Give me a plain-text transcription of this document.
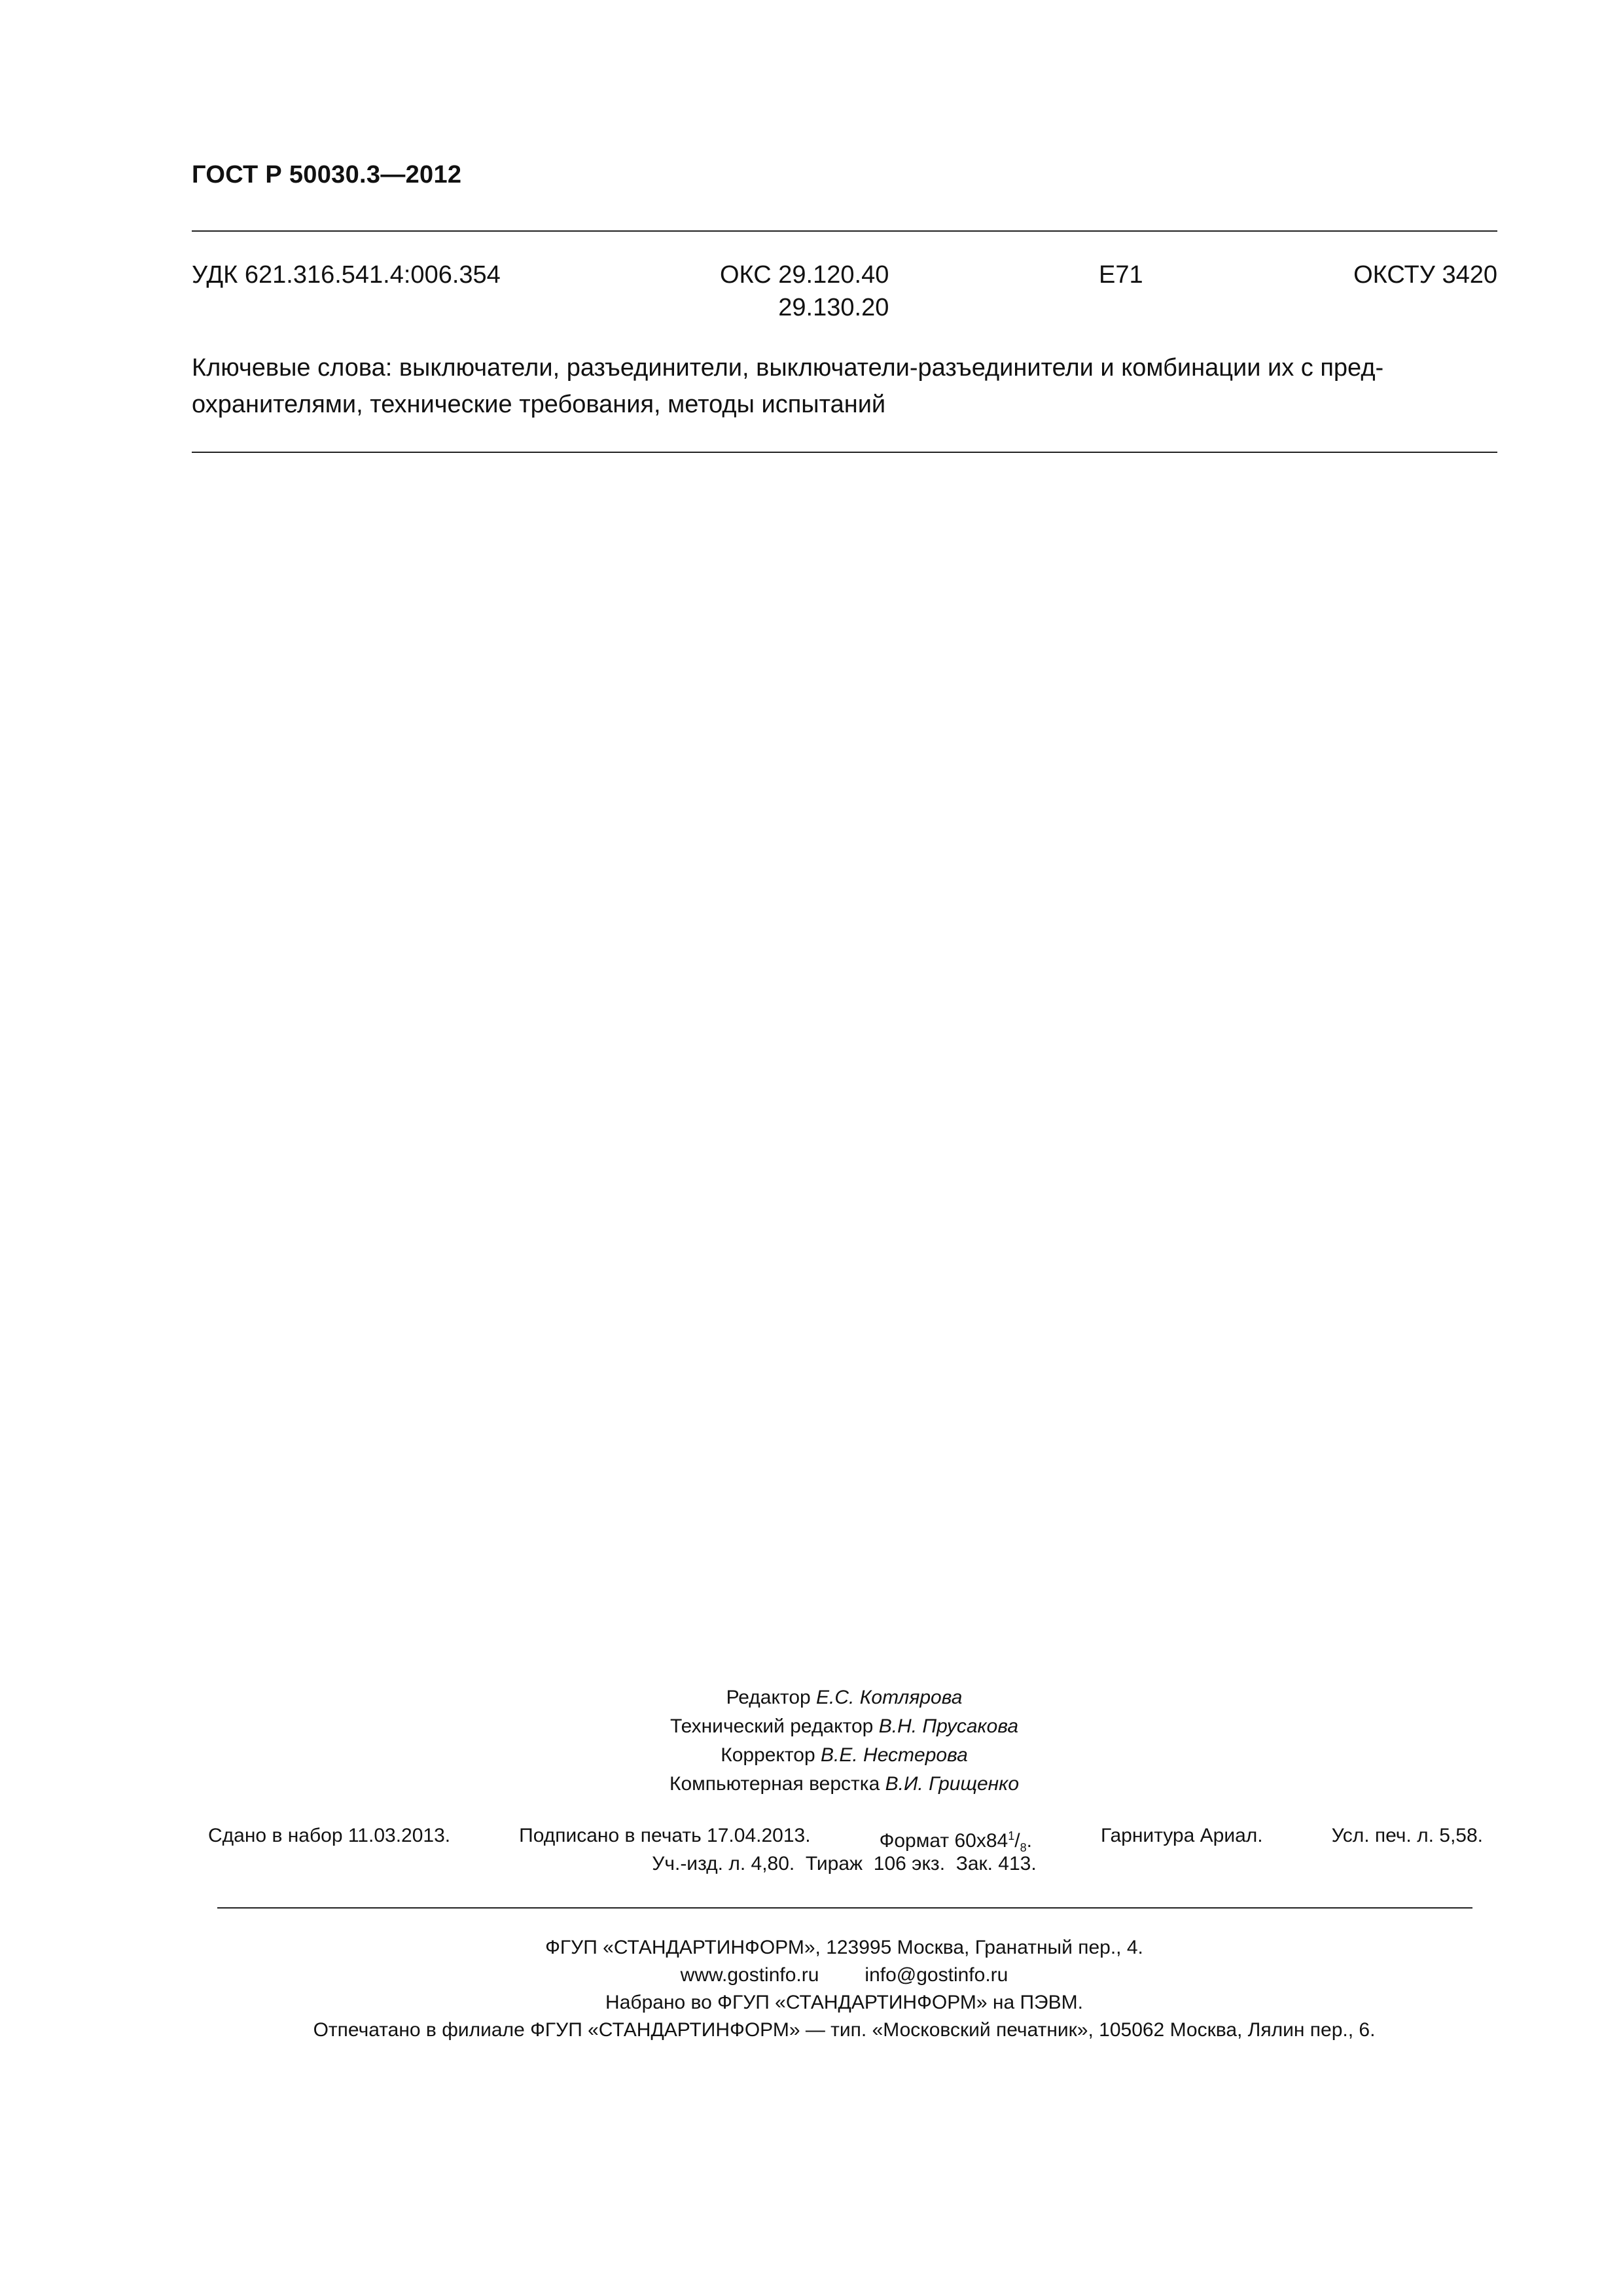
ГОСТ Р 50030.3—2012
УДК 621.316.541.4:006.354	ОКС 29.120.40
29.130.20
Е71	ОКСТУ 3420
Ключевые слова: выключатели, разъединители, выключатели-разъединители и комбинации их с пред-
охранителями, технические требования, методы испытаний
Редактор Е.С. Котлярова
Технический редактор В.Н. Прусакова
Корректор В.Е. Нестерова
Компьютерная верстка В.И. Грищенко
Сдано в набор 11.03.2013.	Подписано в печать 17.04.2013.	Формат $60х84^1/_8$.	Гарнитура Ариал.	Усл. печ. л. 5,58.
Уч.-изд. л. 4,80.  Тираж  106 экз.  Зак. 413.
ФГУП «СТАНДАРТИНФОРМ», 123995 Москва, Гранатный пер., 4.
www.gostinfo.ru info@gostinfo.ru
Набрано во ФГУП «СТАНДАРТИНФОРМ» на ПЭВМ.
Отпечатано в филиале ФГУП «СТАНДАРТИНФОРМ» — тип. «Московский печатник», 105062 Москва, Лялин пер., 6.
